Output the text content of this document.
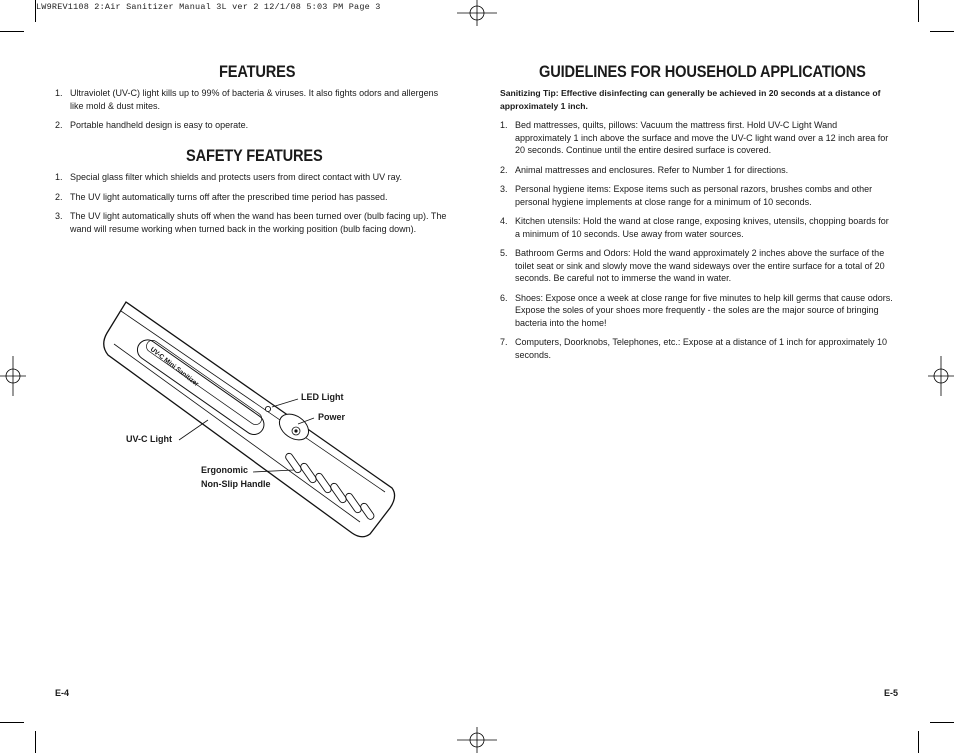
LW9REV1108 2:Air Sanitizer Manual 3L ver 2 12/1/08 5:03 PM Page 3
FEATURES
1. Ultraviolet (UV-C) light kills up to 99% of bacteria & viruses. It also fights odors and allergens like mold & dust mites.
2. Portable handheld design is easy to operate.
SAFETY FEATURES
1. Special glass filter which shields and protects users from direct contact with UV ray.
2. The UV light automatically turns off after the prescribed time period has passed.
3. The UV light automatically shuts off when the wand has been turned over (bulb facing up). The wand will resume working when turned back in the working position (bulb facing down).
UV-C Mini Sanitizer
LED Light
Power
UV-C Light
Ergonomic
Non-Slip Handle
E-4
GUIDELINES FOR HOUSEHOLD APPLICATIONS
Sanitizing Tip: Effective disinfecting can generally be achieved in 20 seconds at a distance of approximately 1 inch.
1. Bed mattresses, quilts, pillows: Vacuum the mattress first. Hold UV-C Light Wand approximately 1 inch above the surface and move the UV-C light wand over a 12 inch area for 20 seconds. Continue until the entire desired surface is covered.
2. Animal mattresses and enclosures. Refer to Number 1 for directions.
3. Personal hygiene items: Expose items such as personal razors, brushes combs and other personal hygiene implements at close range for a minimum of 10 seconds.
4. Kitchen utensils: Hold the wand at close range, exposing knives, utensils, chopping boards for a minimum of 10 seconds. Use away from water sources.
5. Bathroom Germs and Odors: Hold the wand approximately 2 inches above the surface of the toilet seat or sink and slowly move the wand sideways over the entire surface for a total of 20 seconds. Be careful not to immerse the wand in water.
6. Shoes: Expose once a week at close range for five minutes to help kill germs that cause odors. Expose the soles of your shoes more frequently - the soles are the major source of bringing bacteria into the home!
7. Computers, Doorknobs, Telephones, etc.: Expose at a distance of 1 inch for approximately 10 seconds.
E-5
